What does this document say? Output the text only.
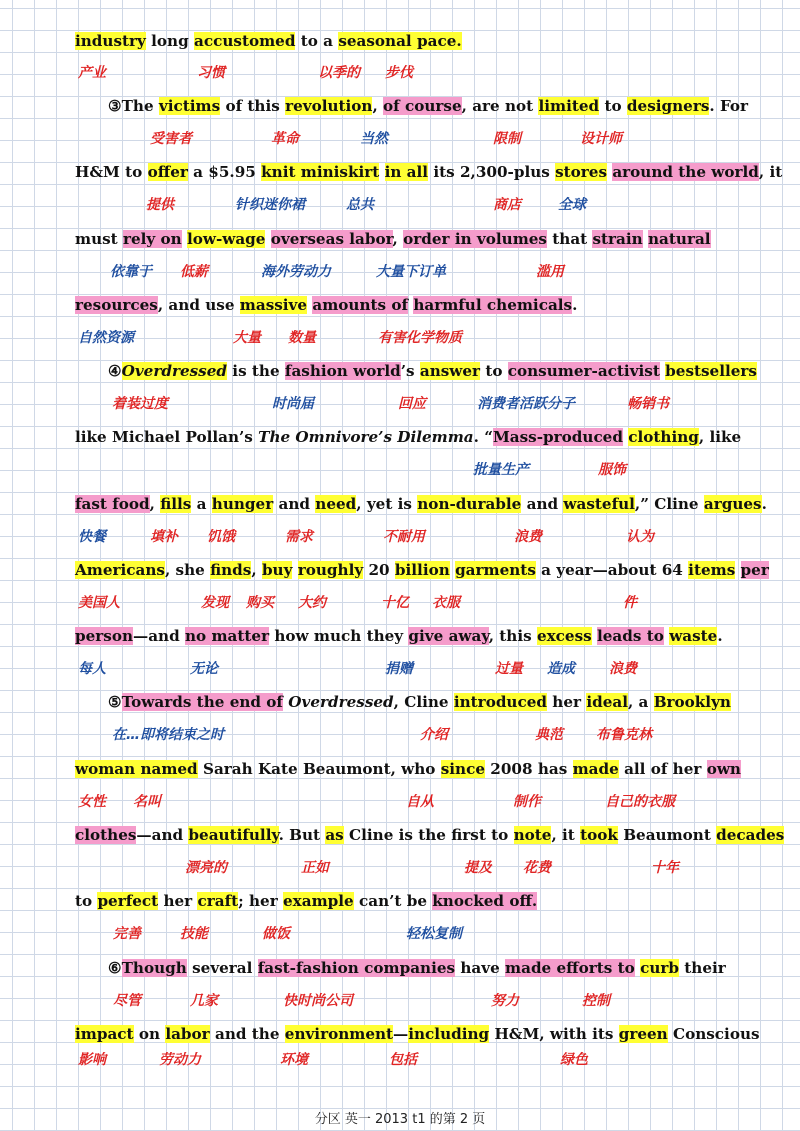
industry long accustomed to a seasonal pace.
产业	习惯	以季的 步伐
③The victims of this revolution, of course, are not limited to designers. For
受害者	革命	当然	限制	设计师
H&M to offer a $5.95 knit miniskirt in all its 2,300-plus stores around the world, it
提供	针织迷你裙	总共	商店	全球
must rely on low-wage overseas labor, order in volumes that strain natural
依靠于 低薪	海外劳动力	大量下订单	滥用
resources, and use massive amounts of harmful chemicals.
自然资源	大量 数量	有害化学物质
④Overdressed is the fashion world’s answer to consumer-activist bestsellers
着装过度	时尚届	回应	消费者活跃分子	畅销书
like Michael Pollan’s The Omnivore’s Dilemma. “Mass-produced clothing, like
批量生产	服饰
fast food, fills a hunger and need, yet is non-durable and wasteful,” Cline argues.
快餐	填补 饥饿	需求	不耐用	浪费	认为
Americans, she finds, buy roughly 20 billion garments a year—about 64 items per
美国人	发现 购买 大约	十亿 衣服	件
person—and no matter how much they give away, this excess leads to waste.
每人	无论	捐赠	过量 造成 浪费
⑤Towards the end of Overdressed, Cline introduced her ideal, a Brooklyn
在…即将结束之时	介绍	典范 布鲁克林
woman named Sarah Kate Beaumont, who since 2008 has made all of her own
女性 名叫	自从	制作	自己的衣服
clothes—and beautifully. But as Cline is the first to note, it took Beaumont decades
漂亮的	正如	提及 花费	十年
to perfect her craft; her example can’t be knocked off.
完善	技能	做饭	轻松复制
⑥Though several fast-fashion companies have made efforts to curb their
尽管	几家	快时尚公司	努力	控制
impact on labor and the environment—including H&M, with its green Conscious
影响	劳动力	环境	包括	绿色
分区 英一 2013 t1 的第 2 页
